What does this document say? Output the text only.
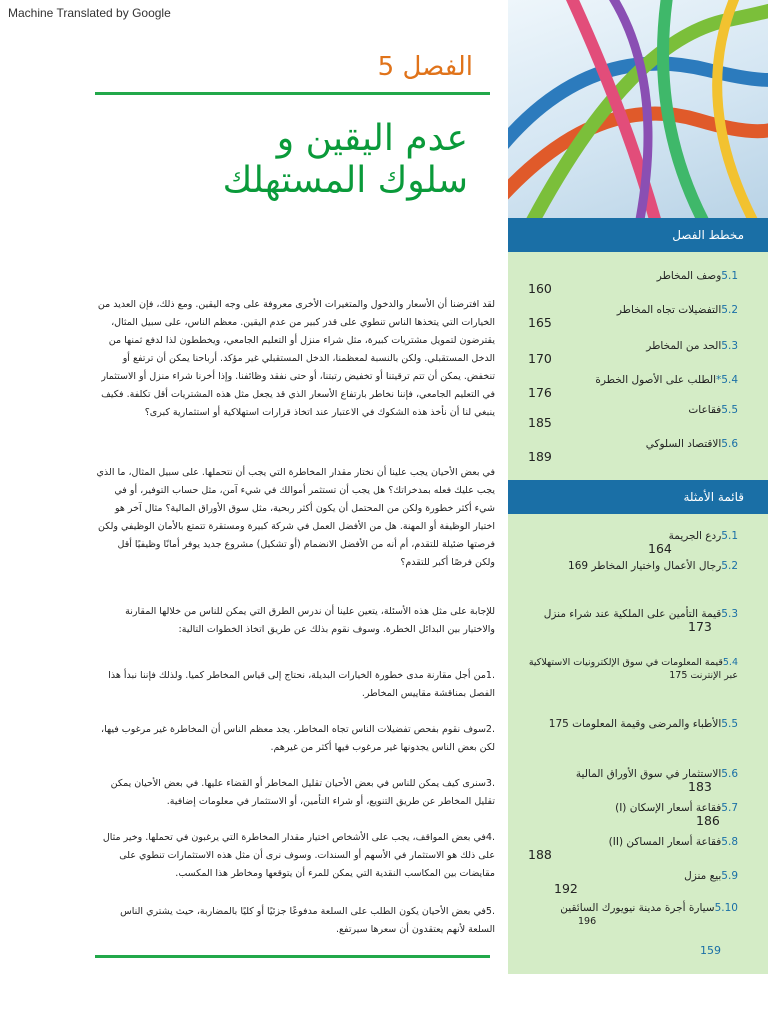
Machine Translated by Google
الفصل 5
عدم اليقين و
سلوك المستهلك
مخطط الفصل
5.1وصف المخاطر
160
5.2التفضيلات تجاه المخاطر
165
5.3الحد من المخاطر
170
5.4*الطلب على الأصول الخطرة
176
5.5فقاعات
185
5.6الاقتصاد السلوكي
189
قائمة الأمثلة
5.1ردع الجريمة
164
5.2رجال الأعمال واختيار المخاطر 169
5.3قيمة التأمين على الملكية عند شراء منزل
173
5.4قيمة المعلومات في سوق الإلكترونيات الاستهلاكية عبر الإنترنت 175
5.5الأطباء والمرضى وقيمة المعلومات 175
5.6الاستثمار في سوق الأوراق المالية
183
5.7فقاعة أسعار الإسكان (I)
186
5.8فقاعة أسعار المساكن (II)
188
5.9بيع منزل
192
5.10سيارة أجرة مدينة نيويورك السائقين
196
159

لقد افترضنا أن الأسعار والدخول والمتغيرات الأخرى معروفة على وجه اليقين. ومع ذلك، فإن العديد من الخيارات التي يتخذها الناس تنطوي على قدر كبير من عدم اليقين. معظم الناس، على سبيل المثال، يقترضون لتمويل مشتريات كبيرة، مثل شراء منزل أو التعليم الجامعي، ويخططون لذا لدفع ثمنها من الدخل المستقبلي. ولكن بالنسبة لمعظمنا، الدخل المستقبلي غير مؤكد. أرباحنا يمكن أن ترتفع أو تنخفض. يمكن أن تتم ترقيتنا أو تخفيض رتبتنا، أو حتى نفقد وظائفنا. وإذا أخرنا شراء منزل أو الاستثمار في التعليم الجامعي، فإننا نخاطر بارتفاع الأسعار الذي قد يجعل مثل هذه المشتريات أقل تكلفة. فكيف ينبغي لنا أن نأخذ هذه الشكوك في الاعتبار عند اتخاذ قرارات استهلاكية أو استثمارية كبرى؟

في بعض الأحيان يجب علينا أن نختار مقدار المخاطرة التي يجب أن نتحملها. على سبيل المثال، ما الذي يجب عليك فعله بمدخراتك؟ هل يجب أن تستثمر أموالك في شيء آمن، مثل حساب التوفير، أو في شيء أكثر خطورة ولكن من المحتمل أن يكون أكثر ربحية، مثل سوق الأوراق المالية؟ مثال آخر هو اختيار الوظيفة أو المهنة. هل من الأفضل العمل في شركة كبيرة ومستقرة تتمتع بالأمان الوظيفي ولكن فرصتها ضئيلة للتقدم، أم أنه من الأفضل الانضمام (أو تشكيل) مشروع جديد يوفر أمانًا وظيفيًا أقل ولكن فرصًا أكبر للتقدم؟

للإجابة على مثل هذه الأسئلة، يتعين علينا أن ندرس الطرق التي يمكن للناس من خلالها المقارنة والاختيار بين البدائل الخطرة. وسوف نقوم بذلك عن طريق اتخاذ الخطوات التالية:

.1من أجل مقارنة مدى خطورة الخيارات البديلة، نحتاج إلى قياس المخاطر كميا. ولذلك فإننا نبدأ هذا الفصل بمناقشة مقاييس المخاطر.

.2سوف نقوم بفحص تفضيلات الناس تجاه المخاطر. يجد معظم الناس أن المخاطرة غير مرغوب فيها، لكن بعض الناس يجدونها غير مرغوب فيها أكثر من غيرهم.

.3سنرى كيف يمكن للناس في بعض الأحيان تقليل المخاطر أو القضاء عليها. في بعض الأحيان يمكن تقليل المخاطر عن طريق التنويع، أو شراء التأمين، أو الاستثمار في معلومات إضافية.

.4في بعض المواقف، يجب على الأشخاص اختيار مقدار المخاطرة التي يرغبون في تحملها. وخير مثال على ذلك هو الاستثمار في الأسهم أو السندات. وسوف نرى أن مثل هذه الاستثمارات تنطوي على مقايضات بين المكاسب النقدية التي يمكن للمرء أن يتوقعها ومخاطر هذا المكسب.

.5في بعض الأحيان يكون الطلب على السلعة مدفوعًا جزئيًا أو كليًا بالمضاربة، حيث يشتري الناس السلعة لأنهم يعتقدون أن سعرها سيرتفع.
